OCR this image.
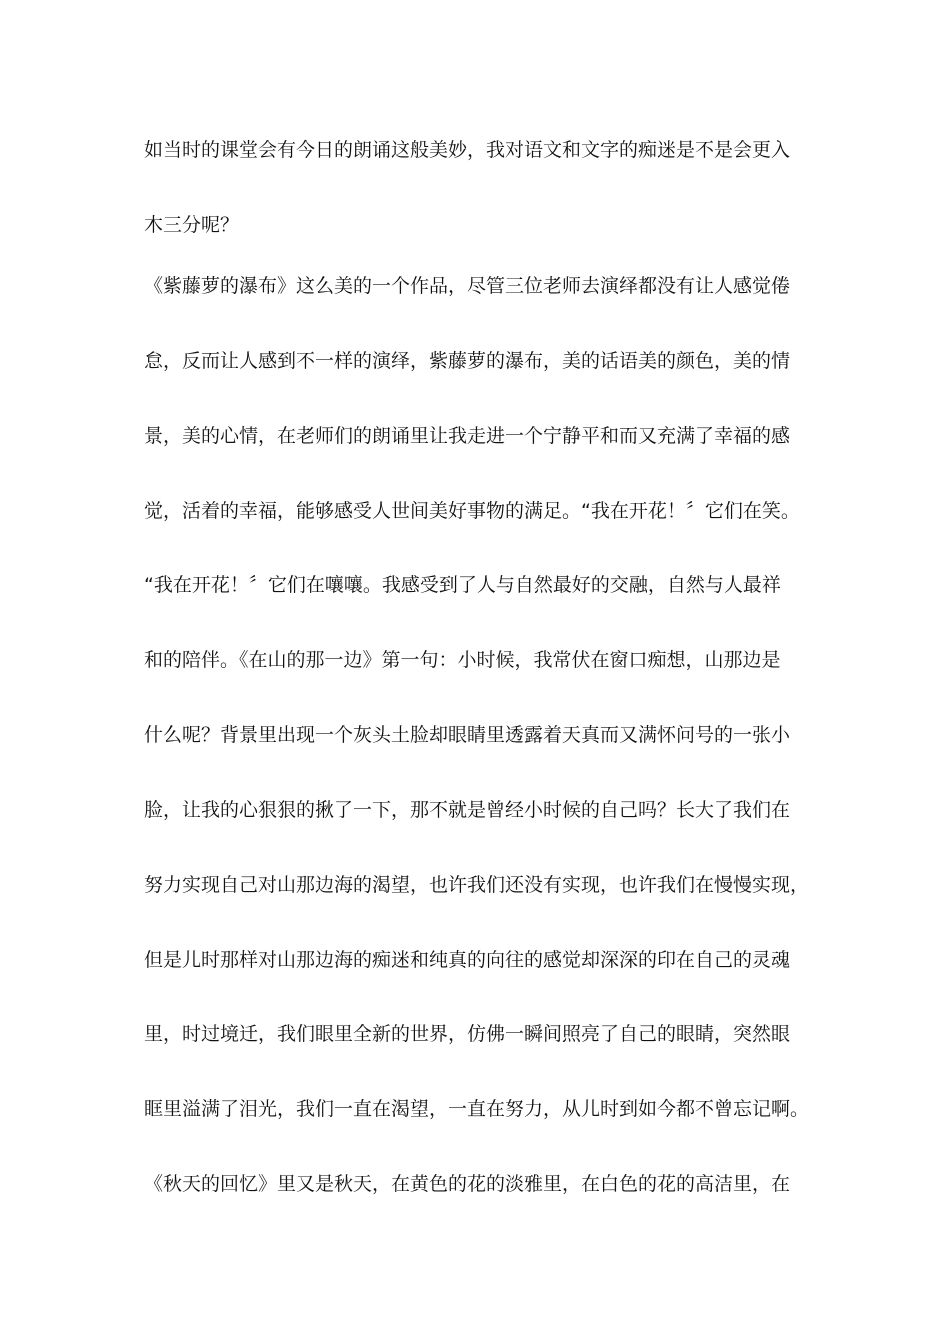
如当时的课堂会有今日的朗诵这般美妙，我对语文和文字的痴迷是不是会更入
木三分呢？
《紫藤萝的瀑布》这么美的一个作品，尽管三位老师去演绎都没有让人感觉倦
怠，反而让人感到不一样的演绎，紫藤萝的瀑布，美的话语美的颜色，美的情
景，美的心情，在老师们的朗诵里让我走进一个宁静平和而又充满了幸福的感
觉，活着的幸福，能够感受人世间美好事物的满足。“我在开花！〞它们在笑。
“我在开花！〞它们在嚷嚷。我感受到了人与自然最好的交融，自然与人最祥
和的陪伴。《在山的那一边》第一句：小时候，我常伏在窗口痴想，山那边是
什么呢？背景里出现一个灰头土脸却眼睛里透露着天真而又满怀问号的一张小
脸，让我的心狠狠的揪了一下，那不就是曾经小时候的自己吗？长大了我们在
努力实现自己对山那边海的渴望，也许我们还没有实现，也许我们在慢慢实现，
但是儿时那样对山那边海的痴迷和纯真的向往的感觉却深深的印在自己的灵魂
里，时过境迁，我们眼里全新的世界，仿佛一瞬间照亮了自己的眼睛，突然眼
眶里溢满了泪光，我们一直在渴望，一直在努力，从儿时到如今都不曾忘记啊。
《秋天的回忆》里又是秋天，在黄色的花的淡雅里，在白色的花的高洁里，在
